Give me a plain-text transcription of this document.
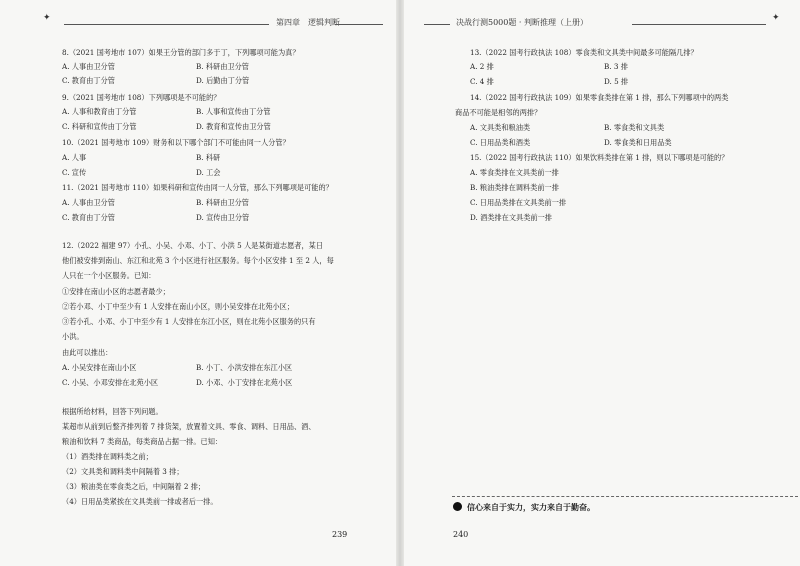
✦	第四章　逻辑判断
8.（2021 国考地市 107）如果王分管的部门多于丁，下列哪项可能为真？
A. 人事由卫分管	B. 科研由卫分管
C. 教育由丁分管	D. 后勤由丁分管
9.（2021 国考地市 108）下列哪项是不可能的？
A. 人事和教育由丁分管	B. 人事和宣传由丁分管
C. 科研和宣传由丁分管	D. 教育和宣传由卫分管
10.（2021 国考地市 109）财务和以下哪个部门不可能由同一人分管？
A. 人事	B. 科研
C. 宣传	D. 工会
11.（2021 国考地市 110）如果科研和宣传由同一人分管，那么下列哪项是可能的？
A. 人事由卫分管	B. 科研由卫分管
C. 教育由丁分管	D. 宣传由卫分管
12.（2022 福建 97）小孔、小吴、小邓、小丁、小洪 5 人是某街道志愿者，某日
他们被安排到南山、东江和北苑 3 个小区进行社区服务。每个小区安排 1 至 2 人，每
人只在一个小区服务。已知：
①安排在南山小区的志愿者最少；
②若小邓、小丁中至少有 1 人安排在南山小区，则小吴安排在北苑小区；
③若小孔、小邓、小丁中至少有 1 人安排在东江小区，则在北苑小区服务的只有
小洪。
由此可以推出：
A. 小吴安排在南山小区	B. 小丁、小洪安排在东江小区
C. 小吴、小邓安排在北苑小区	D. 小邓、小丁安排在北苑小区
根据所给材料，回答下列问题。
某超市从前到后整齐排列着 7 排货架，放置着文具、零食、调料、日用品、酒、
粮油和饮料 7 类商品，每类商品占据一排。已知：
（1）酒类排在调料类之前；
（2）文具类和调料类中间隔着 3 排；
（3）粮油类在零食类之后，中间隔着 2 排；
（4）日用品类紧挨在文具类前一排或者后一排。
239
决战行测5000题 · 判断推理（上册）	✦
13.（2022 国考行政执法 108）零食类和文具类中间最多可能隔几排？
A. 2 排	B. 3 排
C. 4 排	D. 5 排
14.（2022 国考行政执法 109）如果零食类排在第 1 排，那么下列哪项中的两类
商品不可能是相邻的两排？
A. 文具类和粮油类	B. 零食类和文具类
C. 日用品类和酒类	D. 零食类和日用品类
15.（2022 国考行政执法 110）如果饮料类排在第 1 排，则以下哪项是可能的？
A. 零食类排在文具类前一排
B. 粮油类排在调料类前一排
C. 日用品类排在文具类前一排
D. 酒类排在文具类前一排
信心来自于实力，实力来自于勤奋。
240
